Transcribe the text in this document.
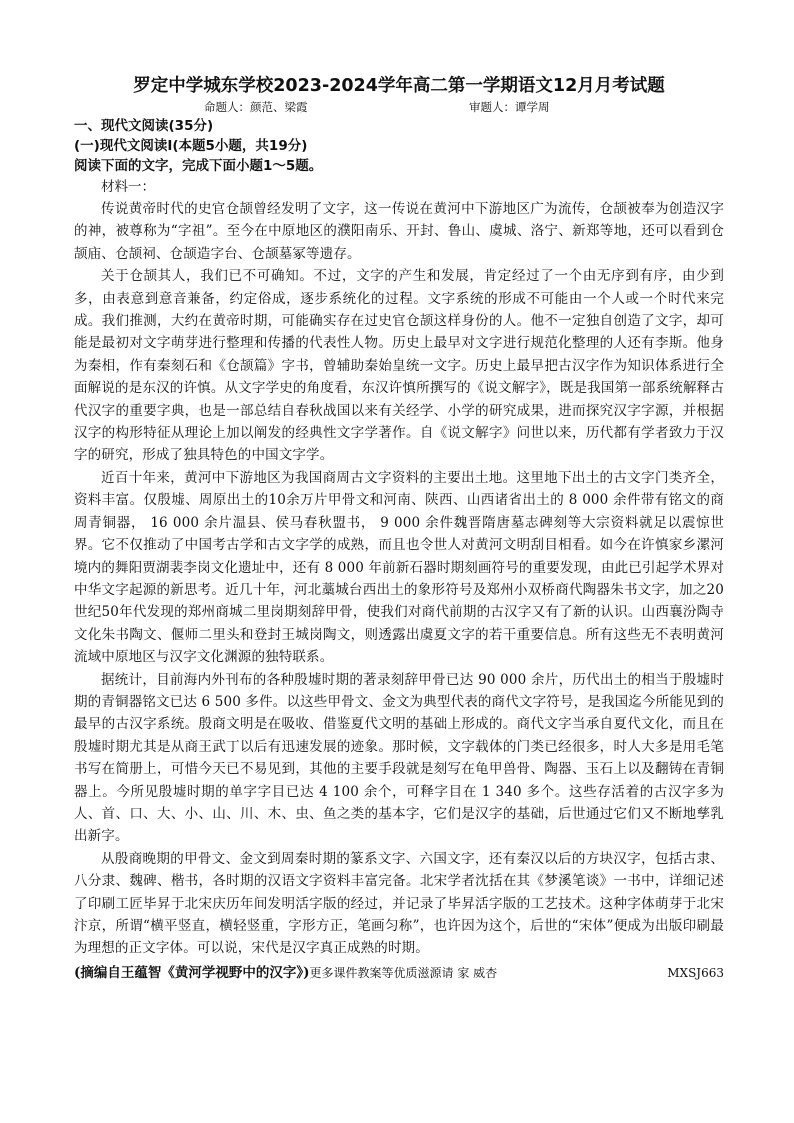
罗定中学城东学校2023-2024学年高二第一学期语文12月月考试题
命题人：颜范、梁霞	审题人：谭学周

一、现代文阅读(35分)

(一)现代文阅读Ⅰ(本题5小题，共19分)

阅读下面的文字，完成下面小题1～5题。

材料一：

传说黄帝时代的史官仓颉曾经发明了文字，这一传说在黄河中下游地区广为流传，仓颉被奉为创造汉字的神，被尊称为“字祖”。至今在中原地区的濮阳南乐、开封、鲁山、虞城、洛宁、新郑等地，还可以看到仓颉庙、仓颉祠、仓颉造字台、仓颉墓冢等遗存。

关于仓颉其人，我们已不可确知。不过，文字的产生和发展，肯定经过了一个由无序到有序，由少到多，由表意到意音兼备，约定俗成，逐步系统化的过程。文字系统的形成不可能由一个人或一个时代来完成。我们推测，大约在黄帝时期，可能确实存在过史官仓颉这样身份的人。他不一定独自创造了文字，却可能是最初对文字萌芽进行整理和传播的代表性人物。历史上最早对文字进行规范化整理的人还有李斯。他身为秦相，作有秦刻石和《仓颉篇》字书，曾辅助秦始皇统一文字。历史上最早把古汉字作为知识体系进行全面解说的是东汉的许慎。从文字学史的角度看，东汉许慎所撰写的《说文解字》，既是我国第一部系统解释古代汉字的重要字典，也是一部总结自春秋战国以来有关经学、小学的研究成果，进而探究汉字字源，并根据汉字的构形特征从理论上加以阐发的经典性文字学著作。自《说文解字》问世以来，历代都有学者致力于汉字的研究，形成了独具特色的中国文字学。

近百十年来，黄河中下游地区为我国商周古文字资料的主要出土地。这里地下出土的古文字门类齐全，资料丰富。仅殷墟、周原出土的10余万片甲骨文和河南、陕西、山西诸省出土的 8 000 余件带有铭文的商周青铜器， 16 000 余片温县、侯马春秋盟书， 9 000 余件魏晋隋唐墓志碑刻等大宗资料就足以震惊世界。它不仅推动了中国考古学和古文字学的成熟，而且也令世人对黄河文明刮目相看。如今在许慎家乡漯河境内的舞阳贾湖裴李岗文化遗址中，还有 8 000 年前新石器时期刻画符号的重要发现，由此已引起学术界对中华文字起源的新思考。近几十年，河北藁城台西出土的象形符号及郑州小双桥商代陶器朱书文字，加之20世纪50年代发现的郑州商城二里岗期刻辞甲骨，使我们对商代前期的古汉字又有了新的认识。山西襄汾陶寺文化朱书陶文、偃师二里头和登封王城岗陶文，则透露出虞夏文字的若干重要信息。所有这些无不表明黄河流域中原地区与汉字文化渊源的独特联系。

据统计，目前海内外刊布的各种殷墟时期的著录刻辞甲骨已达 90 000 余片，历代出土的相当于殷墟时期的青铜器铭文已达 6 500 多件。以这些甲骨文、金文为典型代表的商代文字符号，是我国迄今所能见到的最早的古汉字系统。殷商文明是在吸收、借鉴夏代文明的基础上形成的。商代文字当承自夏代文化，而且在殷墟时期尤其是从商王武丁以后有迅速发展的迹象。那时候，文字载体的门类已经很多，时人大多是用毛笔书写在简册上，可惜今天已不易见到，其他的主要手段就是刻写在龟甲兽骨、陶器、玉石上以及翻铸在青铜器上。今所见殷墟时期的单字字目已达 4 100 余个，可释字目在 1 340 多个。这些存活着的古汉字多为人、首、口、大、小、山、川、木、虫、鱼之类的基本字，它们是汉字的基础，后世通过它们又不断地孳乳出新字。

从殷商晚期的甲骨文、金文到周秦时期的篆系文字、六国文字，还有秦汉以后的方块汉字，包括古隶、八分隶、魏碑、楷书，各时期的汉语文字资料丰富完备。北宋学者沈括在其《梦溪笔谈》一书中，详细记述了印刷工匠毕昇于北宋庆历年间发明活字版的经过，并记录了毕昇活字版的工艺技术。这种字体萌芽于北宋汴京，所谓“横平竖直，横轻竖重，字形方正，笔画匀称”，也许因为这个，后世的“宋体”便成为出版印刷最为理想的正文字体。可以说，宋代是汉字真正成熟的时期。

(摘编自王蕴智《黄河学视野中的汉字》)更多课件教案等优质滋源请 家 威杏	MXSJ663
